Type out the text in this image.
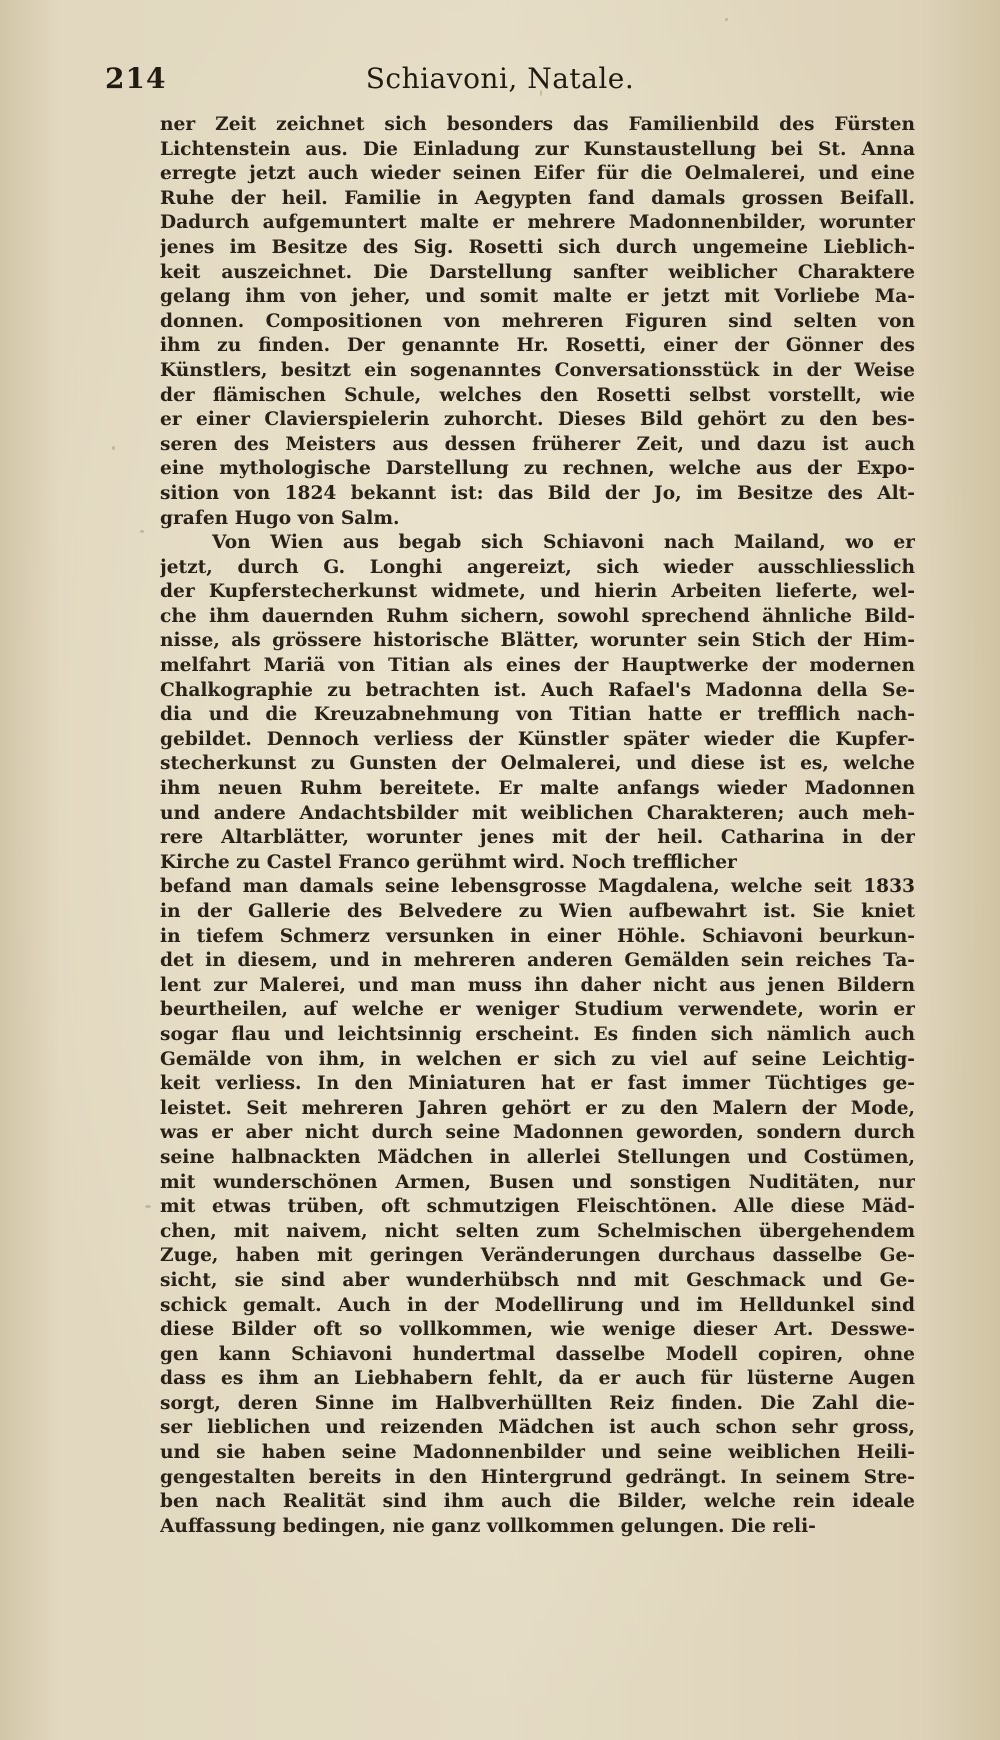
214	Schiavoni, Natale.
ner Zeit zeichnet sich besonders das Familienbild des Fürsten
Lichtenstein aus. Die Einladung zur Kunstaustellung bei St. Anna
erregte jetzt auch wieder seinen Eifer für die Oelmalerei, und eine
Ruhe der heil. Familie in Aegypten fand damals grossen Beifall.
Dadurch aufgemuntert malte er mehrere Madonnenbilder, worunter
jenes im Besitze des Sig. Rosetti sich durch ungemeine Lieblich-
keit auszeichnet. Die Darstellung sanfter weiblicher Charaktere
gelang ihm von jeher, und somit malte er jetzt mit Vorliebe Ma-
donnen. Compositionen von mehreren Figuren sind selten von
ihm zu finden. Der genannte Hr. Rosetti, einer der Gönner des
Künstlers, besitzt ein sogenanntes Conversationsstück in der Weise
der flämischen Schule, welches den Rosetti selbst vorstellt, wie
er einer Clavierspielerin zuhorcht. Dieses Bild gehört zu den bes-
seren des Meisters aus dessen früherer Zeit, und dazu ist auch
eine mythologische Darstellung zu rechnen, welche aus der Expo-
sition von 1824 bekannt ist: das Bild der Jo, im Besitze des Alt-
grafen Hugo von Salm.
Von Wien aus begab sich Schiavoni nach Mailand, wo er
jetzt, durch G. Longhi angereizt, sich wieder ausschliesslich
der Kupferstecherkunst widmete, und hierin Arbeiten lieferte, wel-
che ihm dauernden Ruhm sichern, sowohl sprechend ähnliche Bild-
nisse, als grössere historische Blätter, worunter sein Stich der Him-
melfahrt Mariä von Titian als eines der Hauptwerke der modernen
Chalkographie zu betrachten ist. Auch Rafael's Madonna della Se-
dia und die Kreuzabnehmung von Titian hatte er trefflich nach-
gebildet. Dennoch verliess der Künstler später wieder die Kupfer-
stecherkunst zu Gunsten der Oelmalerei, und diese ist es, welche
ihm neuen Ruhm bereitete. Er malte anfangs wieder Madonnen
und andere Andachtsbilder mit weiblichen Charakteren; auch meh-
rere Altarblätter, worunter jenes mit der heil. Catharina in der
Kirche zu Castel Franco gerühmt wird. Noch trefflicher
befand man damals seine lebensgrosse Magdalena, welche seit 1833
in der Gallerie des Belvedere zu Wien aufbewahrt ist. Sie kniet
in tiefem Schmerz versunken in einer Höhle. Schiavoni beurkun-
det in diesem, und in mehreren anderen Gemälden sein reiches Ta-
lent zur Malerei, und man muss ihn daher nicht aus jenen Bildern
beurtheilen, auf welche er weniger Studium verwendete, worin er
sogar flau und leichtsinnig erscheint. Es finden sich nämlich auch
Gemälde von ihm, in welchen er sich zu viel auf seine Leichtig-
keit verliess. In den Miniaturen hat er fast immer Tüchtiges ge-
leistet. Seit mehreren Jahren gehört er zu den Malern der Mode,
was er aber nicht durch seine Madonnen geworden, sondern durch
seine halbnackten Mädchen in allerlei Stellungen und Costümen,
mit wunderschönen Armen, Busen und sonstigen Nuditäten, nur
mit etwas trüben, oft schmutzigen Fleischtönen. Alle diese Mäd-
chen, mit naivem, nicht selten zum Schelmischen übergehendem
Zuge, haben mit geringen Veränderungen durchaus dasselbe Ge-
sicht, sie sind aber wunderhübsch nnd mit Geschmack und Ge-
schick gemalt. Auch in der Modellirung und im Helldunkel sind
diese Bilder oft so vollkommen, wie wenige dieser Art. Desswe-
gen kann Schiavoni hundertmal dasselbe Modell copiren, ohne
dass es ihm an Liebhabern fehlt, da er auch für lüsterne Augen
sorgt, deren Sinne im Halbverhüllten Reiz finden. Die Zahl die-
ser lieblichen und reizenden Mädchen ist auch schon sehr gross,
und sie haben seine Madonnenbilder und seine weiblichen Heili-
gengestalten bereits in den Hintergrund gedrängt. In seinem Stre-
ben nach Realität sind ihm auch die Bilder, welche rein ideale
Auffassung bedingen, nie ganz vollkommen gelungen. Die reli-
